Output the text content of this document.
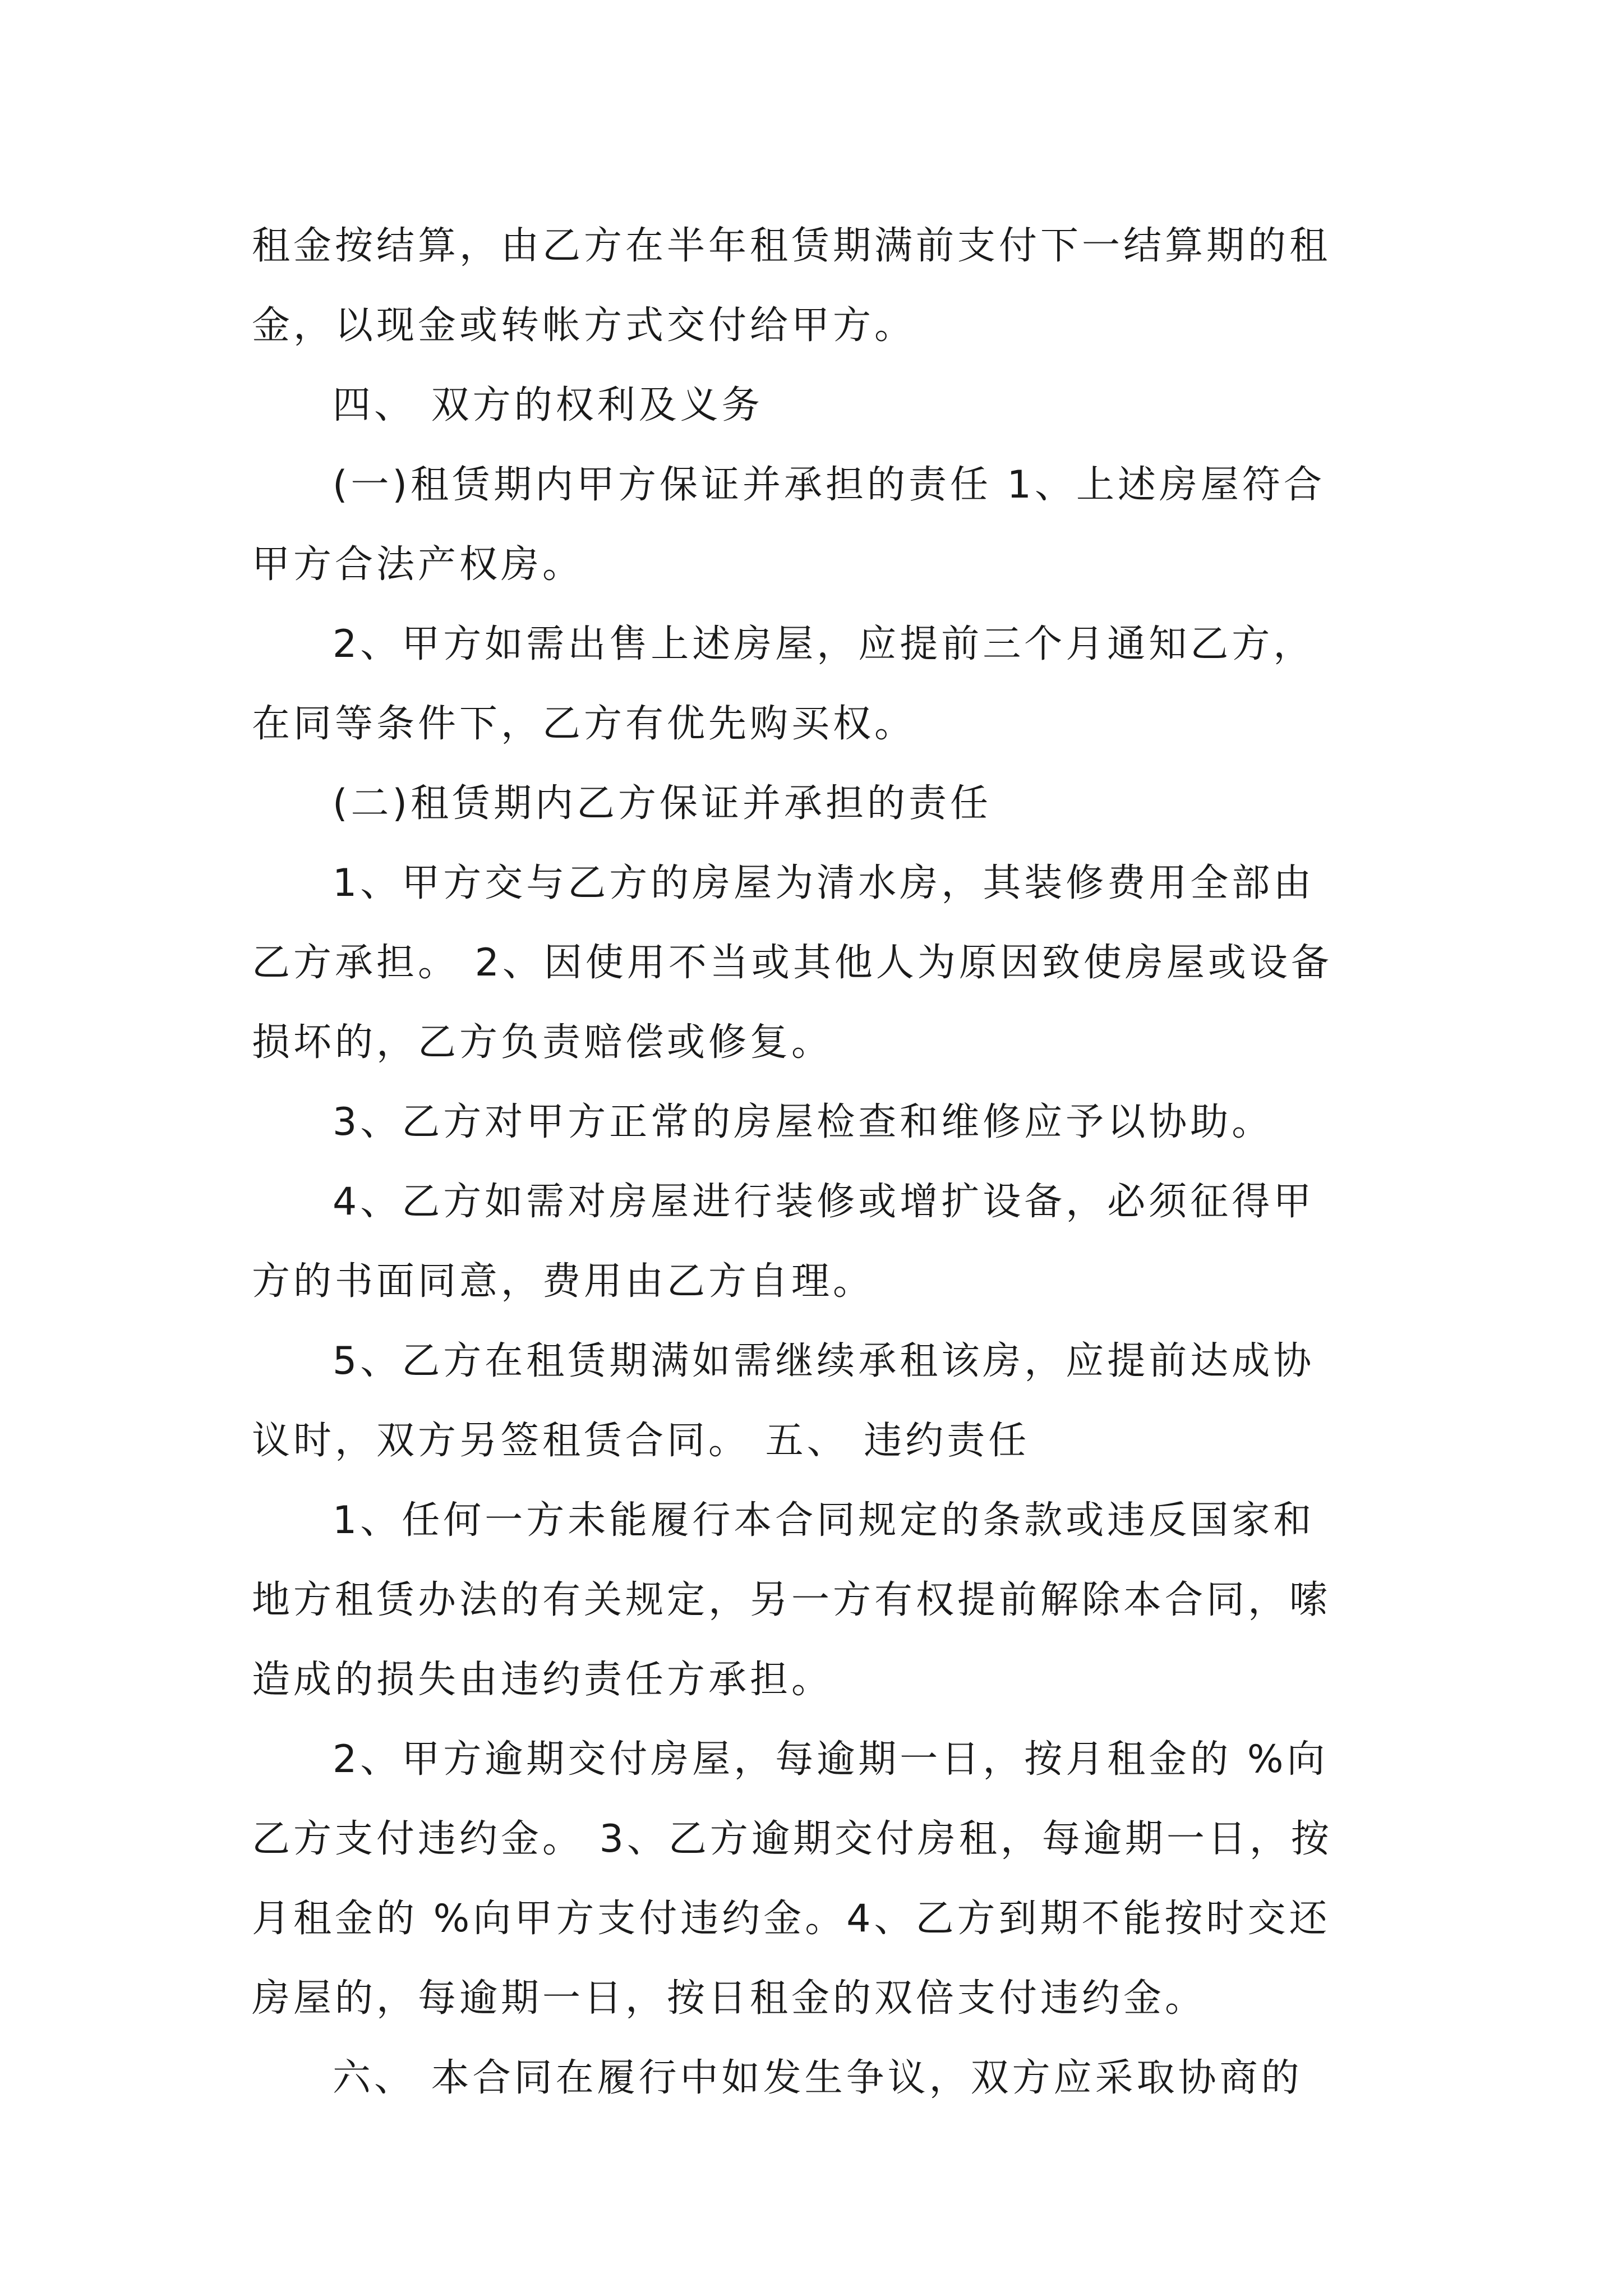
租金按结算，由乙方在半年租赁期满前支付下一结算期的租
金，以现金或转帐方式交付给甲方。
四、 双方的权利及义务
(一)租赁期内甲方保证并承担的责任 1、上述房屋符合
甲方合法产权房。
2、甲方如需出售上述房屋，应提前三个月通知乙方，
在同等条件下，乙方有优先购买权。
(二)租赁期内乙方保证并承担的责任
1、甲方交与乙方的房屋为清水房，其装修费用全部由
乙方承担。 2、因使用不当或其他人为原因致使房屋或设备
损坏的，乙方负责赔偿或修复。
3、乙方对甲方正常的房屋检查和维修应予以协助。
4、乙方如需对房屋进行装修或增扩设备，必须征得甲
方的书面同意，费用由乙方自理。
5、乙方在租赁期满如需继续承租该房，应提前达成协
议时，双方另签租赁合同。 五、 违约责任
1、任何一方未能履行本合同规定的条款或违反国家和
地方租赁办法的有关规定，另一方有权提前解除本合同，嗦
造成的损失由违约责任方承担。
2、甲方逾期交付房屋，每逾期一日，按月租金的 %向
乙方支付违约金。 3、乙方逾期交付房租，每逾期一日，按
月租金的 %向甲方支付违约金。4、乙方到期不能按时交还
房屋的，每逾期一日，按日租金的双倍支付违约金。
六、 本合同在履行中如发生争议，双方应采取协商的
